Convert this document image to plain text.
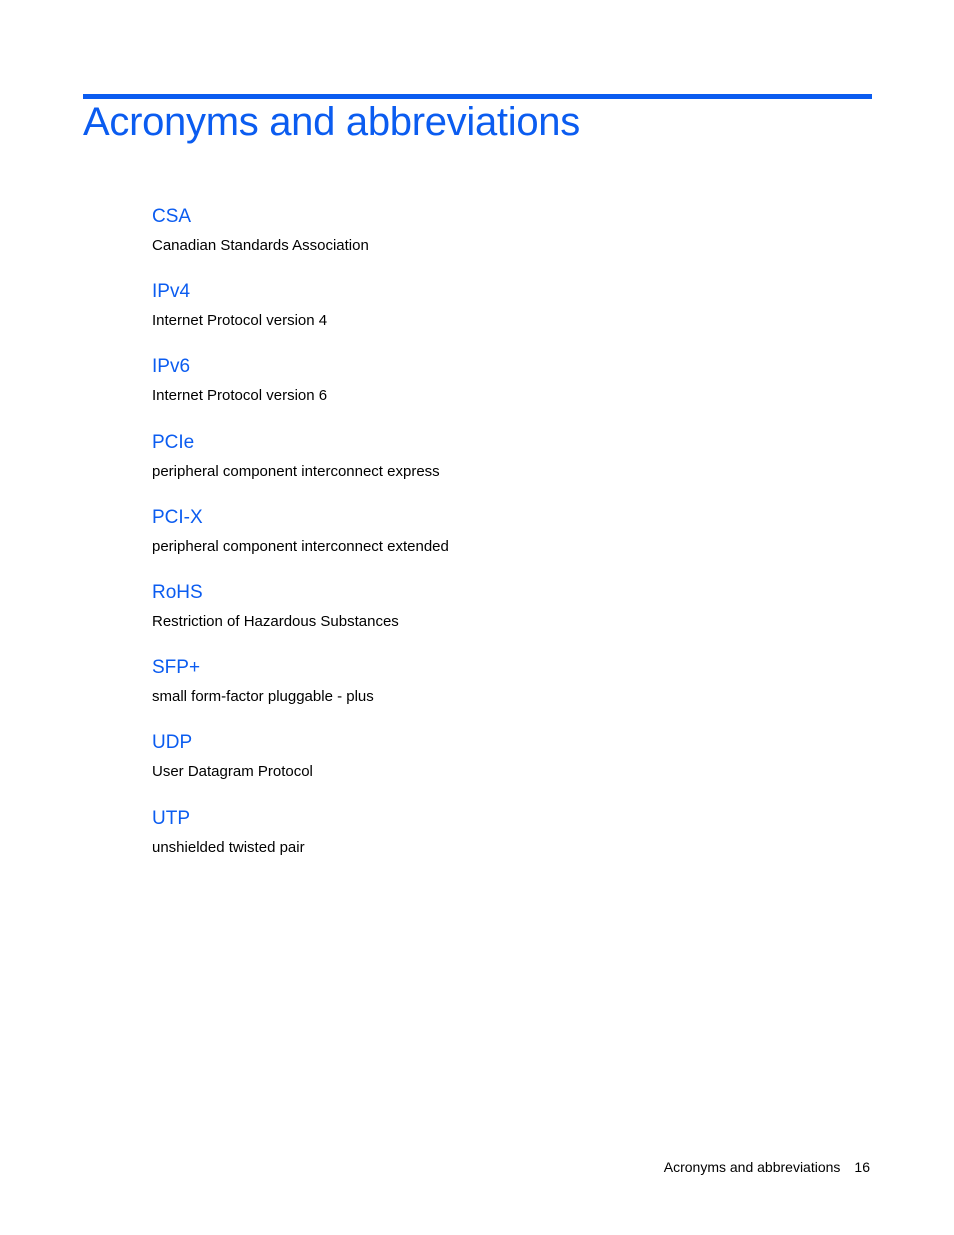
Acronyms and abbreviations
CSA
Canadian Standards Association
IPv4
Internet Protocol version 4
IPv6
Internet Protocol version 6
PCIe
peripheral component interconnect express
PCI-X
peripheral component interconnect extended
RoHS
Restriction of Hazardous Substances
SFP+
small form-factor pluggable - plus
UDP
User Datagram Protocol
UTP
unshielded twisted pair
Acronyms and abbreviations 16
